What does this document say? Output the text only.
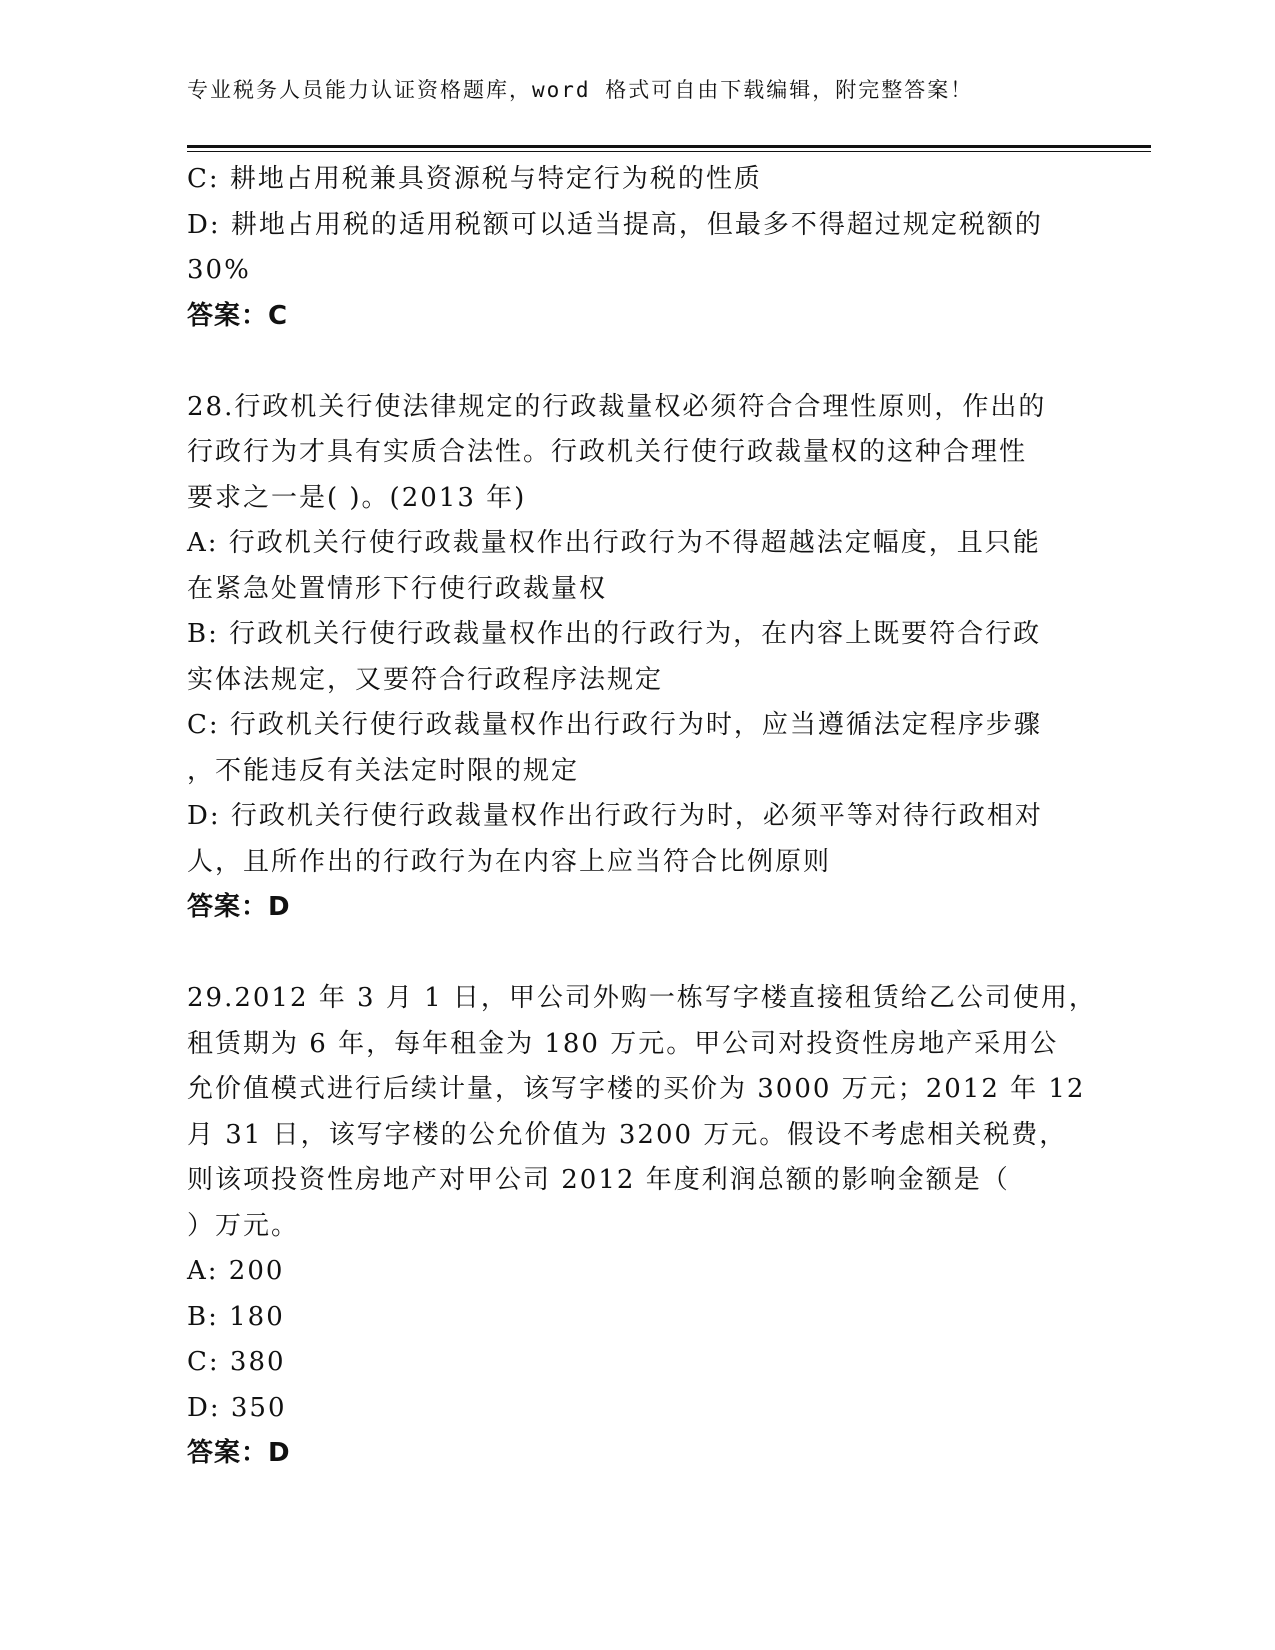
专业税务人员能力认证资格题库，word 格式可自由下载编辑，附完整答案！
C: 耕地占用税兼具资源税与特定行为税的性质
D: 耕地占用税的适用税额可以适当提高，但最多不得超过规定税额的
30%
答案：C
28.行政机关行使法律规定的行政裁量权必须符合合理性原则，作出的
行政行为才具有实质合法性。行政机关行使行政裁量权的这种合理性
要求之一是( )。(2013 年)
A: 行政机关行使行政裁量权作出行政行为不得超越法定幅度，且只能
在紧急处置情形下行使行政裁量权
B: 行政机关行使行政裁量权作出的行政行为，在内容上既要符合行政
实体法规定，又要符合行政程序法规定
C: 行政机关行使行政裁量权作出行政行为时，应当遵循法定程序步骤
，不能违反有关法定时限的规定
D: 行政机关行使行政裁量权作出行政行为时，必须平等对待行政相对
人，且所作出的行政行为在内容上应当符合比例原则
答案：D
29.2012 年 3 月 1 日，甲公司外购一栋写字楼直接租赁给乙公司使用，
租赁期为 6 年，每年租金为 180 万元。甲公司对投资性房地产采用公
允价值模式进行后续计量，该写字楼的买价为 3000 万元；2012 年 12
月 31 日，该写字楼的公允价值为 3200 万元。假设不考虑相关税费，
则该项投资性房地产对甲公司 2012 年度利润总额的影响金额是（
）万元。
A: 200
B: 180
C: 380
D: 350
答案：D
